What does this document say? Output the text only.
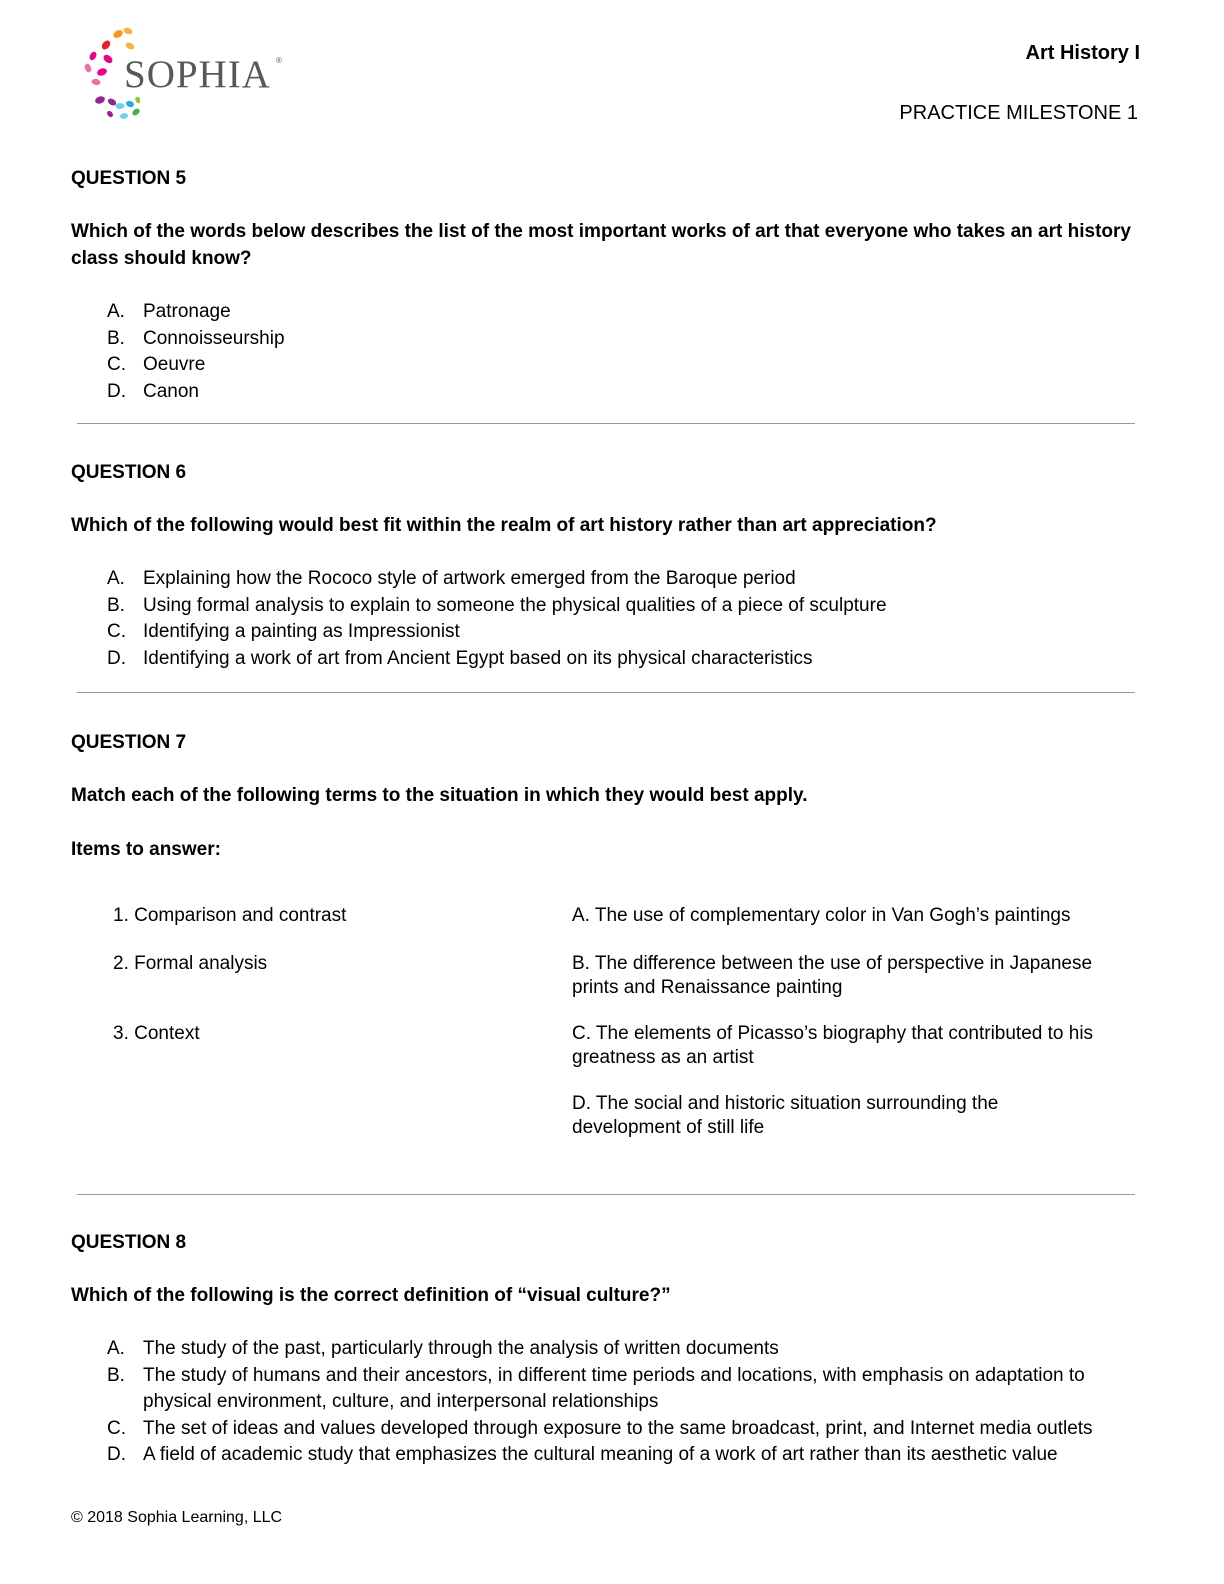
SOPHIA ®	Art History I
PRACTICE MILESTONE 1
QUESTION 5
Which of the words below describes the list of the most important works of art that everyone who takes an art history class should know?
A. Patronage
B. Connoisseurship
C. Oeuvre
D. Canon
QUESTION 6
Which of the following would best fit within the realm of art history rather than art appreciation?
A. Explaining how the Rococo style of artwork emerged from the Baroque period
B. Using formal analysis to explain to someone the physical qualities of a piece of sculpture
C. Identifying a painting as Impressionist
D. Identifying a work of art from Ancient Egypt based on its physical characteristics
QUESTION 7
Match each of the following terms to the situation in which they would best apply.
Items to answer:
1. Comparison and contrast
2. Formal analysis
3. Context
A. The use of complementary color in Van Gogh’s paintings
B. The difference between the use of perspective in Japanese prints and Renaissance painting
C. The elements of Picasso’s biography that contributed to his greatness as an artist
D. The social and historic situation surrounding the development of still life
QUESTION 8
Which of the following is the correct definition of “visual culture?”
A. The study of the past, particularly through the analysis of written documents
B. The study of humans and their ancestors, in different time periods and locations, with emphasis on adaptation to physical environment, culture, and interpersonal relationships
C. The set of ideas and values developed through exposure to the same broadcast, print, and Internet media outlets
D. A field of academic study that emphasizes the cultural meaning of a work of art rather than its aesthetic value
© 2018 Sophia Learning, LLC
